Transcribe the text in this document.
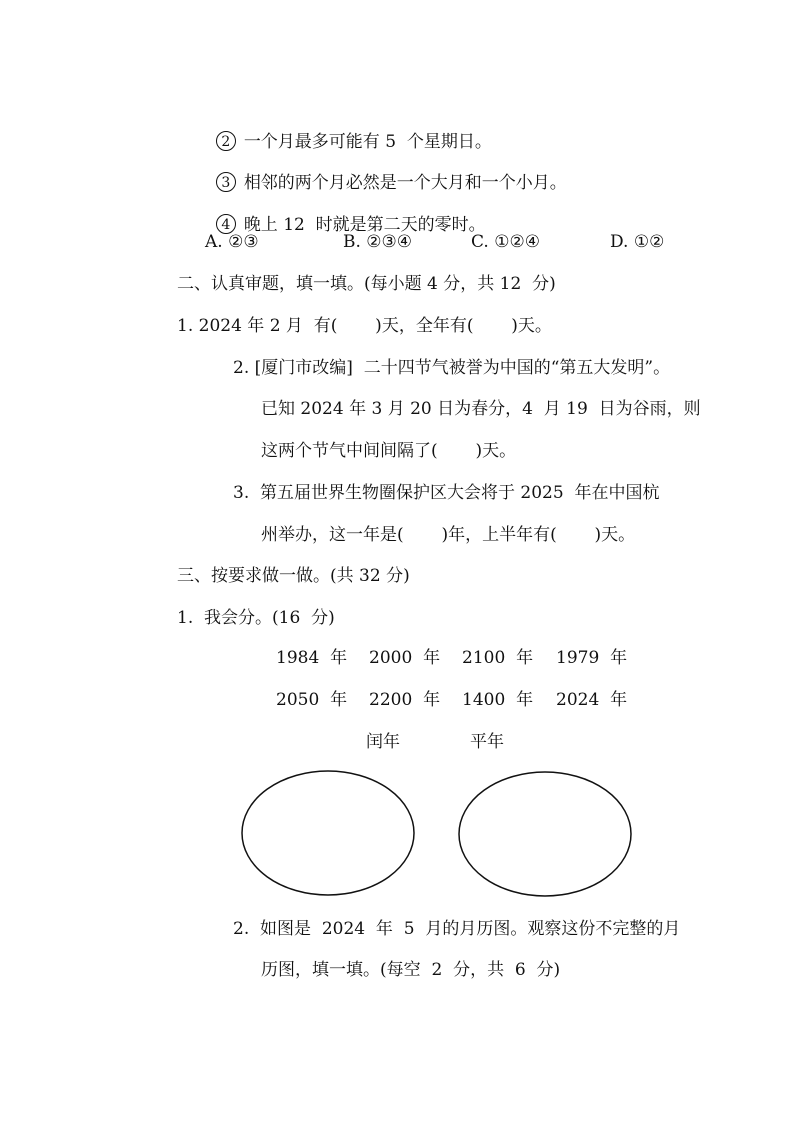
2 一个月最多可能有 5  个星期日。

3 相邻的两个月必然是一个大月和一个小月。

4 晚上 12  时就是第二天的零时。

A. ②③	B. ②③④	C. ①②④	D. ①②
二、认真审题，填一填。(每小题 4 分，共 12  分)
1. 2024 年 2 月  有(       )天，全年有(       )天。
2. [厦门市改编]  二十四节气被誉为中国的“第五大发明”。
已知 2024 年 3 月 20 日为春分，4  月 19  日为谷雨，则
这两个节气中间间隔了(       )天。
3.  第五届世界生物圈保护区大会将于 2025  年在中国杭
州举办，这一年是(       )年，上半年有(       )天。
三、按要求做一做。(共 32 分)
1.  我会分。(16  分)
1984  年 2000  年 2100  年 1979  年
2050  年 2200  年 1400  年 2024  年
闰年	平年
2.  如图是  2024  年  5  月的月历图。观察这份不完整的月
历图，填一填。(每空  2  分，共  6  分)
